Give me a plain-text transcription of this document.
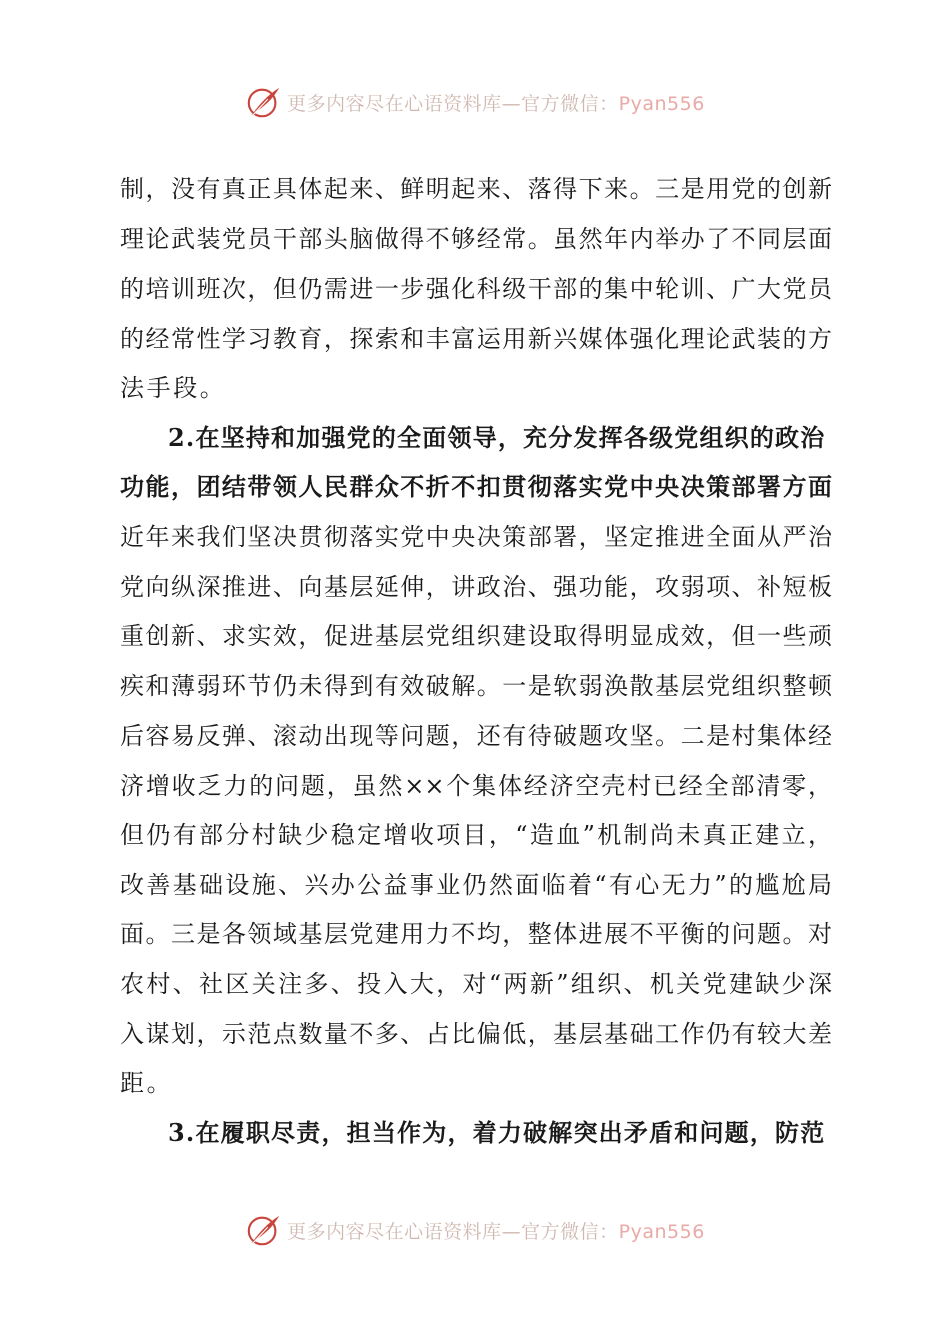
更多内容尽在心语资料库—官方微信：Pyan556
制，没有真正具体起来、鲜明起来、落得下来。三是用党的创新
理论武装党员干部头脑做得不够经常。虽然年内举办了不同层面
的培训班次，但仍需进一步强化科级干部的集中轮训、广大党员
的经常性学习教育，探索和丰富运用新兴媒体强化理论武装的方
法手段。
2.在坚持和加强党的全面领导，充分发挥各级党组织的政治
功能，团结带领人民群众不折不扣贯彻落实党中央决策部署方面
近年来我们坚决贯彻落实党中央决策部署，坚定推进全面从严治
党向纵深推进、向基层延伸，讲政治、强功能，攻弱项、补短板
重创新、求实效，促进基层党组织建设取得明显成效，但一些顽
疾和薄弱环节仍未得到有效破解。一是软弱涣散基层党组织整顿
后容易反弹、滚动出现等问题，还有待破题攻坚。二是村集体经
济增收乏力的问题，虽然××个集体经济空壳村已经全部清零，
但仍有部分村缺少稳定增收项目，“造血”机制尚未真正建立，
改善基础设施、兴办公益事业仍然面临着“有心无力”的尴尬局
面。三是各领域基层党建用力不均，整体进展不平衡的问题。对
农村、社区关注多、投入大，对“两新”组织、机关党建缺少深
入谋划，示范点数量不多、占比偏低，基层基础工作仍有较大差
距。
3.在履职尽责，担当作为，着力破解突出矛盾和问题，防范
更多内容尽在心语资料库—官方微信：Pyan556
